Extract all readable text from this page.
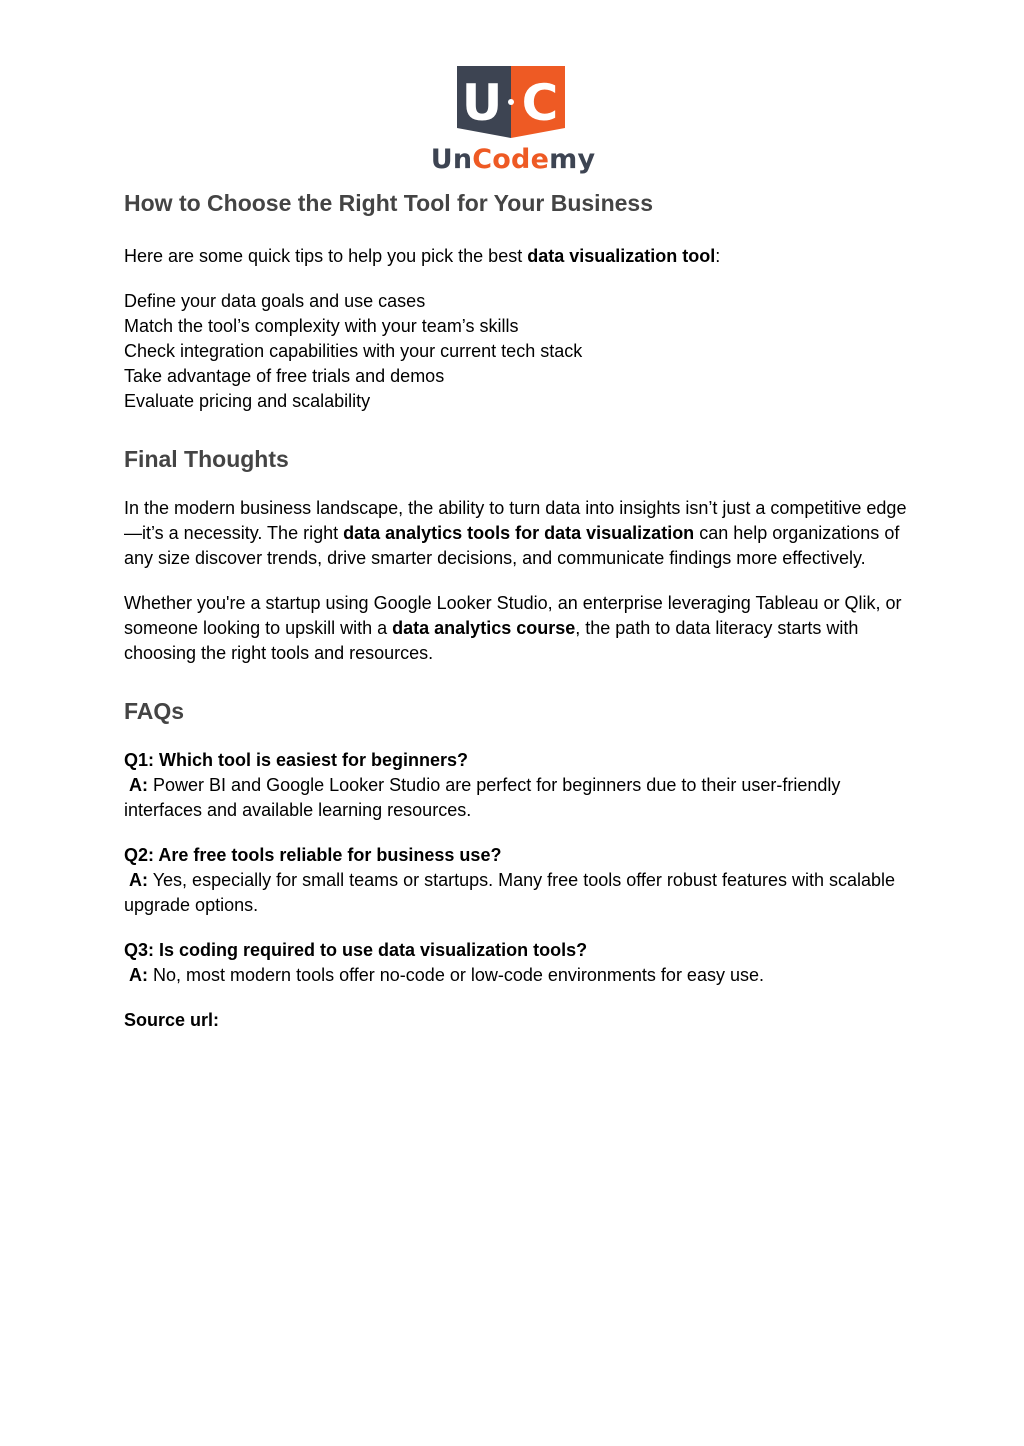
U C
UnCodemy
How to Choose the Right Tool for Your Business

Here are some quick tips to help you pick the best data visualization tool:

Define your data goals and use cases
Match the tool’s complexity with your team’s skills
Check integration capabilities with your current tech stack
Take advantage of free trials and demos
Evaluate pricing and scalability
Final Thoughts

In the modern business landscape, the ability to turn data into insights isn’t just a competitive edge—it’s a necessity. The right data analytics tools for data visualization can help organizations of any size discover trends, drive smarter decisions, and communicate findings more effectively.

Whether you're a startup using Google Looker Studio, an enterprise leveraging Tableau or Qlik, or someone looking to upskill with a data analytics course, the path to data literacy starts with choosing the right tools and resources.

FAQs
Q1: Which tool is easiest for beginners?
A: Power BI and Google Looker Studio are perfect for beginners due to their user-friendly interfaces and available learning resources.
Q2: Are free tools reliable for business use?
A: Yes, especially for small teams or startups. Many free tools offer robust features with scalable upgrade options.
Q3: Is coding required to use data visualization tools?
A: No, most modern tools offer no-code or low-code environments for easy use.
Source url:
